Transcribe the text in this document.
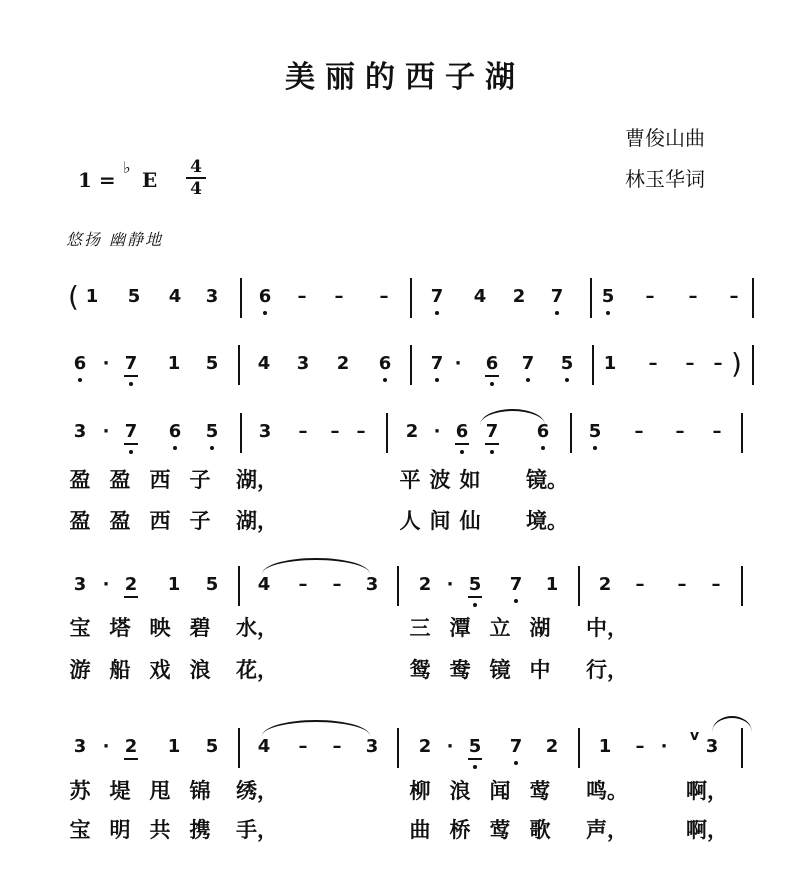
美丽的西子湖
曹俊山曲
林玉华词
1 =
♭
E
4
4
悠扬 幽静地
( 1 5 4 3 6	–	–	–	7 4 2 7 5	–	–	–
6 · 7 1 5 4 3 2 6 7 ·	6 7 5 1	–	–	– )
3 · 7 6 5 3	–	– –	2 · 6 7 6 5	–	–	–
盈 盈 西 子 湖，	平 波 如 镜。
盈 盈 西 子 湖，	人 间 仙 境。
3 · 2 1 5 4	–	–	3 2 · 5 7 1 2	–	–	–
宝 塔 映 碧 水，	三 潭 立 湖 中，
游 船 戏 浪 花，	鸳 鸯 镜 中 行，
3 · 2 1 5 4	–	–	3 2 · 5 7 2 1	– ·	3
v
苏 堤 甩 锦 绣，	柳 浪 闻 莺 鸣。	啊，
宝 明 共 携 手，	曲 桥 莺 歌 声，	啊，
